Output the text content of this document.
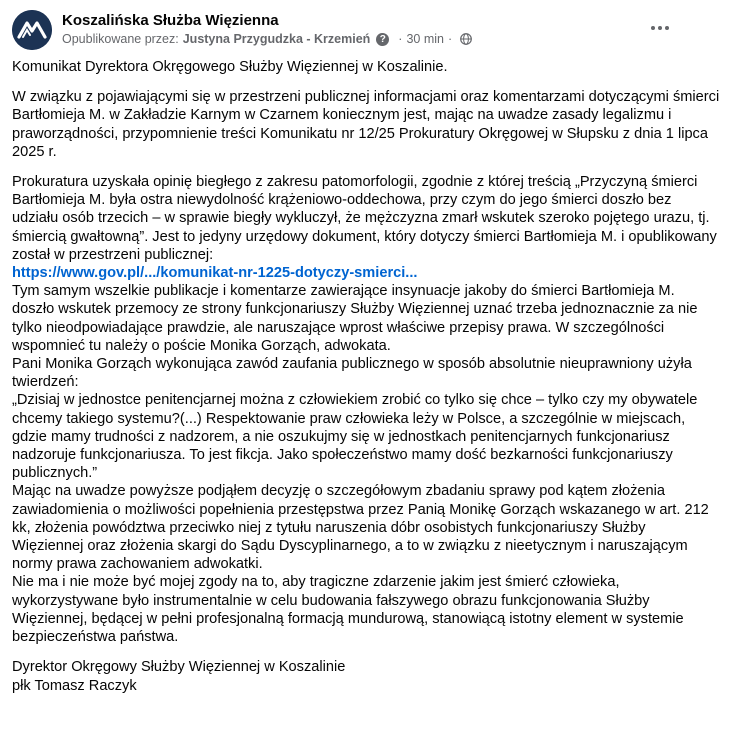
Koszalińska Służba Więzienna
Opublikowane przez: Justyna Przygudzka - Krzemień ? · 30 min ·

Komunikat Dyrektora Okręgowego Służby Więziennej w Koszalinie.

W związku z pojawiającymi się w przestrzeni publicznej informacjami oraz komentarzami dotyczącymi śmierci Bartłomieja M. w Zakładzie Karnym w Czarnem koniecznym jest, mając na uwadze zasady legalizmu i praworządności, przypomnienie treści Komunikatu nr 12/25 Prokuratury Okręgowej w Słupsku z dnia 1 lipca 2025 r.

Prokuratura uzyskała opinię biegłego z zakresu patomorfologii, zgodnie z której treścią „Przyczyną śmierci Bartłomieja M. była ostra niewydolność krążeniowo-oddechowa, przy czym do jego śmierci doszło bez udziału osób trzecich – w sprawie biegły wykluczył, że mężczyzna zmarł wskutek szeroko pojętego urazu, tj. śmiercią gwałtowną”. Jest to jedyny urzędowy dokument, który dotyczy śmierci Bartłomieja M. i opublikowany został w przestrzeni publicznej:

https://www.gov.pl/.../komunikat-nr-1225-dotyczy-smierci...

Tym samym wszelkie publikacje i komentarze zawierające insynuacje jakoby do śmierci Bartłomieja M. doszło wskutek przemocy ze strony funkcjonariuszy Służby Więziennej uznać trzeba jednoznacznie za nie tylko nieodpowiadające prawdzie, ale naruszające wprost właściwe przepisy prawa. W szczególności wspomnieć tu należy o poście Monika Gorząch, adwokata.

Pani Monika Gorząch wykonująca zawód zaufania publicznego w sposób absolutnie nieuprawniony użyła twierdzeń:

„Dzisiaj w jednostce penitencjarnej można z człowiekiem zrobić co tylko się chce – tylko czy my obywatele chcemy takiego systemu?(...) Respektowanie praw człowieka leży w Polsce, a szczególnie w miejscach, gdzie mamy trudności z nadzorem, a nie oszukujmy się w jednostkach penitencjarnych funkcjonariusz nadzoruje funkcjonariusza. To jest fikcja. Jako społeczeństwo mamy dość bezkarności funkcjonariuszy publicznych.”

Mając na uwadze powyższe podjąłem decyzję o szczegółowym zbadaniu sprawy pod kątem złożenia zawiadomienia o możliwości popełnienia przestępstwa przez Panią Monikę Gorząch wskazanego w art. 212 kk, złożenia powództwa przeciwko niej z tytułu naruszenia dóbr osobistych funkcjonariuszy Służby Więziennej oraz złożenia skargi do Sądu Dyscyplinarnego, a to w związku z nieetycznym i naruszającym normy prawa zachowaniem adwokatki.

Nie ma i nie może być mojej zgody na to, aby tragiczne zdarzenie jakim jest śmierć człowieka, wykorzystywane było instrumentalnie w celu budowania fałszywego obrazu funkcjonowania Służby Więziennej, będącej w pełni profesjonalną formacją mundurową, stanowiącą istotny element w systemie bezpieczeństwa państwa.

Dyrektor Okręgowy Służby Więziennej w Koszalinie
płk Tomasz Raczyk
